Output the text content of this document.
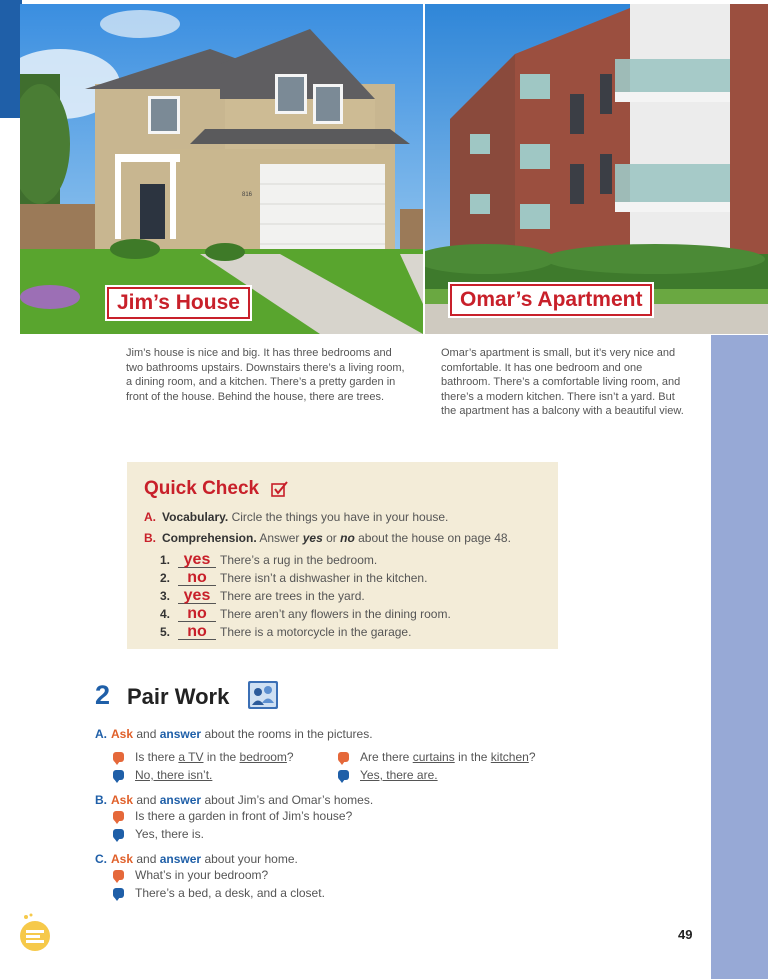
816
Jim’s House	Omar’s Apartment

Jim’s house is nice and big. It has three bedrooms and two bathrooms upstairs. Downstairs there’s a living room, a dining room, and a kitchen. There’s a pretty garden in front of the house. Behind the house, there are trees.

Omar’s apartment is small, but it’s very nice and comfortable. It has one bedroom and one bathroom. There’s a comfortable living room, and there’s a modern kitchen. There isn’t a yard. But the apartment has a balcony with a beautiful view.

Quick Check
A. Vocabulary. Circle the things you have in your house.
B. Comprehension. Answer yes or no about the house on page 48.
1. yes There’s a rug in the bedroom.
2. no There isn’t a dishwasher in the kitchen.
3. yes There are trees in the yard.
4. no There aren’t any flowers in the dining room.
5. no There is a motorcycle in the garage.
2 Pair Work
A. Ask and answer about the rooms in the pictures.
Is there a TV in the bedroom?
No, there isn’t.
Are there curtains in the kitchen?
Yes, there are.
B. Ask and answer about Jim’s and Omar’s homes.
Is there a garden in front of Jim’s house?
Yes, there is.
C. Ask and answer about your home.
What’s in your bedroom?
There’s a bed, a desk, and a closet.
49
